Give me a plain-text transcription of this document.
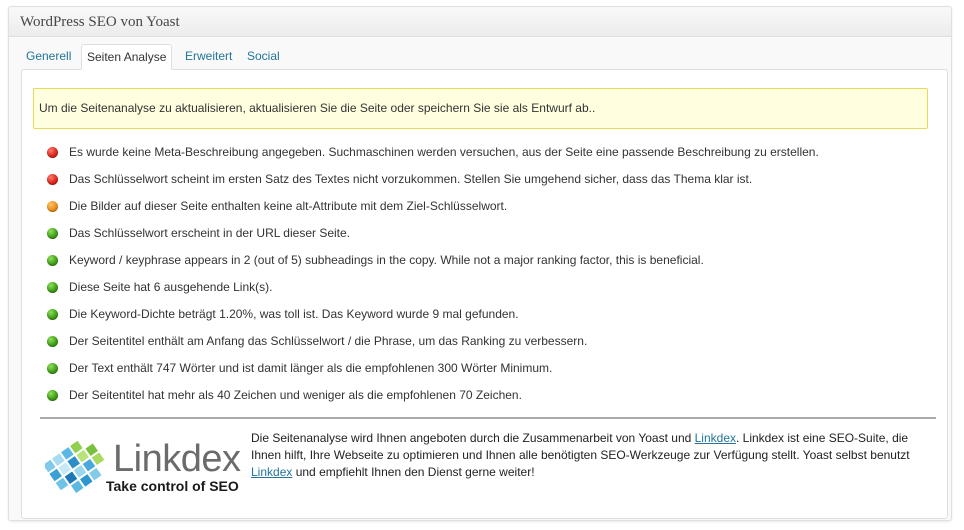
WordPress SEO von Yoast
Generell	Seiten Analyse	Erweitert	Social
Um die Seitenanalyse zu aktualisieren, aktualisieren Sie die Seite oder speichern Sie sie als Entwurf ab..
Es wurde keine Meta-Beschreibung angegeben. Suchmaschinen werden versuchen, aus der Seite eine passende Beschreibung zu erstellen.
Das Schlüsselwort scheint im ersten Satz des Textes nicht vorzukommen. Stellen Sie umgehend sicher, dass das Thema klar ist.
Die Bilder auf dieser Seite enthalten keine alt-Attribute mit dem Ziel-Schlüsselwort.
Das Schlüsselwort erscheint in der URL dieser Seite.
Keyword / keyphrase appears in 2 (out of 5) subheadings in the copy. While not a major ranking factor, this is beneficial.
Diese Seite hat 6 ausgehende Link(s).
Die Keyword-Dichte beträgt 1.20%, was toll ist. Das Keyword wurde 9 mal gefunden.
Der Seitentitel enthält am Anfang das Schlüsselwort / die Phrase, um das Ranking zu verbessern.
Der Text enthält 747 Wörter und ist damit länger als die empfohlenen 300 Wörter Minimum.
Der Seitentitel hat mehr als 40 Zeichen und weniger als die empfohlenen 70 Zeichen.
Linkdex
Take control of SEO

Die Seitenanalyse wird Ihnen angeboten durch die Zusammenarbeit von Yoast und Linkdex. Linkdex ist eine SEO-Suite, die Ihnen hilft, Ihre Webseite zu optimieren und Ihnen alle benötigten SEO-Werkzeuge zur Verfügung stellt. Yoast selbst benutzt Linkdex und empfiehlt Ihnen den Dienst gerne weiter!
